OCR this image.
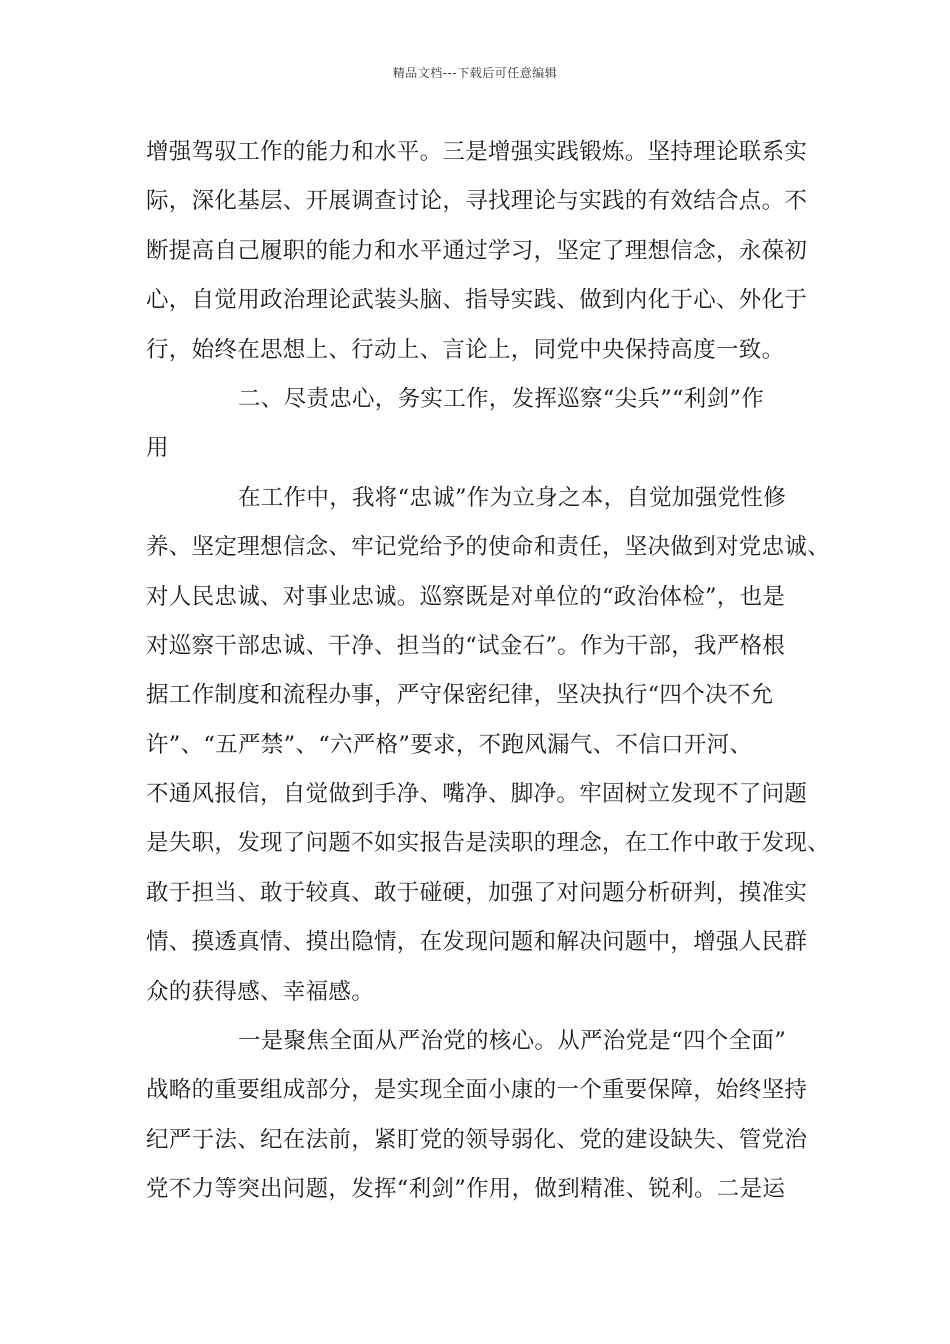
精品文档---下载后可任意编辑
增强驾驭工作的能力和水平。三是增强实践锻炼。坚持理论联系实
际，深化基层、开展调查讨论，寻找理论与实践的有效结合点。不
断提高自己履职的能力和水平通过学习，坚定了理想信念，永葆初
心，自觉用政治理论武装头脑、指导实践、做到内化于心、外化于
行，始终在思想上、行动上、言论上，同党中央保持高度一致。
二、尽责忠心，务实工作，发挥巡察“尖兵”“利剑”作
用
在工作中，我将“忠诚”作为立身之本，自觉加强党性修
养、坚定理想信念、牢记党给予的使命和责任，坚决做到对党忠诚、
对人民忠诚、对事业忠诚。巡察既是对单位的“政治体检”，也是
对巡察干部忠诚、干净、担当的“试金石”。作为干部，我严格根
据工作制度和流程办事，严守保密纪律，坚决执行“四个决不允
许”、“五严禁”、“六严格”要求，不跑风漏气、不信口开河、
不通风报信，自觉做到手净、嘴净、脚净。牢固树立发现不了问题
是失职，发现了问题不如实报告是渎职的理念，在工作中敢于发现、
敢于担当、敢于较真、敢于碰硬，加强了对问题分析研判，摸准实
情、摸透真情、摸出隐情，在发现问题和解决问题中，增强人民群
众的获得感、幸福感。
一是聚焦全面从严治党的核心。从严治党是“四个全面”
战略的重要组成部分，是实现全面小康的一个重要保障，始终坚持
纪严于法、纪在法前，紧盯党的领导弱化、党的建设缺失、管党治
党不力等突出问题，发挥“利剑”作用，做到精准、锐利。二是运
